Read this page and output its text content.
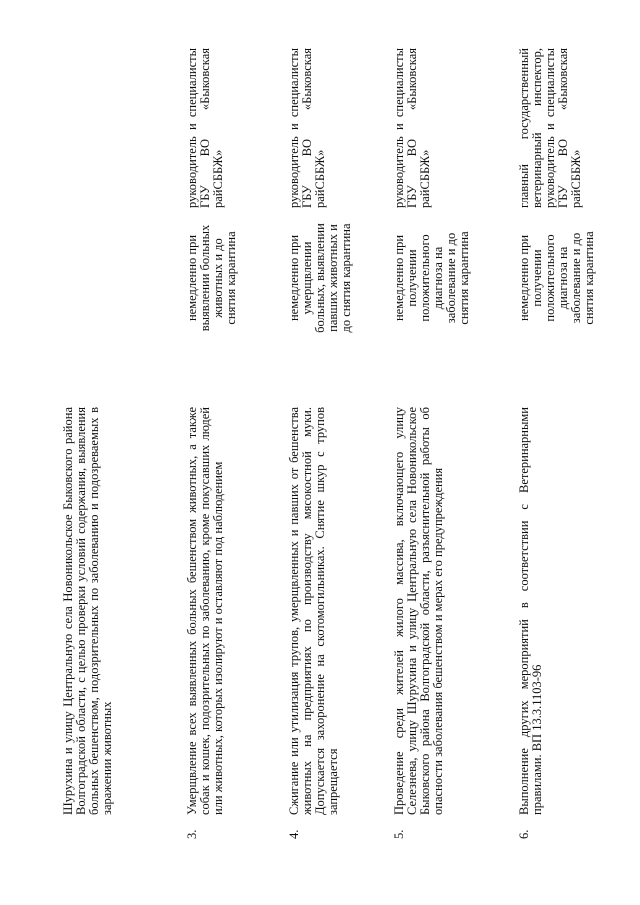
Шурухина и улицу Центральную села Новоникольское Быковского района Волгоградской области, с целью проверки условий содержания, выявления больных бешенством, подозрительных по заболеванию и подозреваемых в заражении животных
3.
Умерщвление всех выявленных больных бешенством животных, а также собак и кошек, подозрительных по заболеванию, кроме покусавших людей или животных, которых изолируют и оставляют под наблюдением
немедленно при выявлении больных животных и до снятия карантина
руководитель и специалисты ГБУ ВО «Быковская райСББЖ»
4.
Сжигание или утилизация трупов, умерщвленных и павших от бешенства животных на предприятиях по производству мясокостной муки. Допускается захоронение на скотомогильниках. Снятие шкур с трупов запрещается
немедленно при умерщвлении больных, выявлении павших животных и до снятия карантина
руководитель и специалисты ГБУ ВО «Быковская райСББЖ»
5.
Проведение среди жителей жилого массива, включающего улицу Селезнева, улицу Шурухина и улицу Центральную села Новоникольское Быковского района Волгоградской области, разъяснительной работы об опасности заболевания бешенством и мерах его предупреждения
немедленно при получении положительного диагноза на заболевание и до снятия карантина
руководитель и специалисты ГБУ ВО «Быковская райСББЖ»
6.
Выполнение других мероприятий в соответствии с Ветеринарными правилами. ВП 13.3.1103-96
немедленно при получении положительного диагноза на заболевание и до снятия карантина
главный государственный ветеринарный инспектор, руководитель и специалисты ГБУ ВО «Быковская райСББЖ»
